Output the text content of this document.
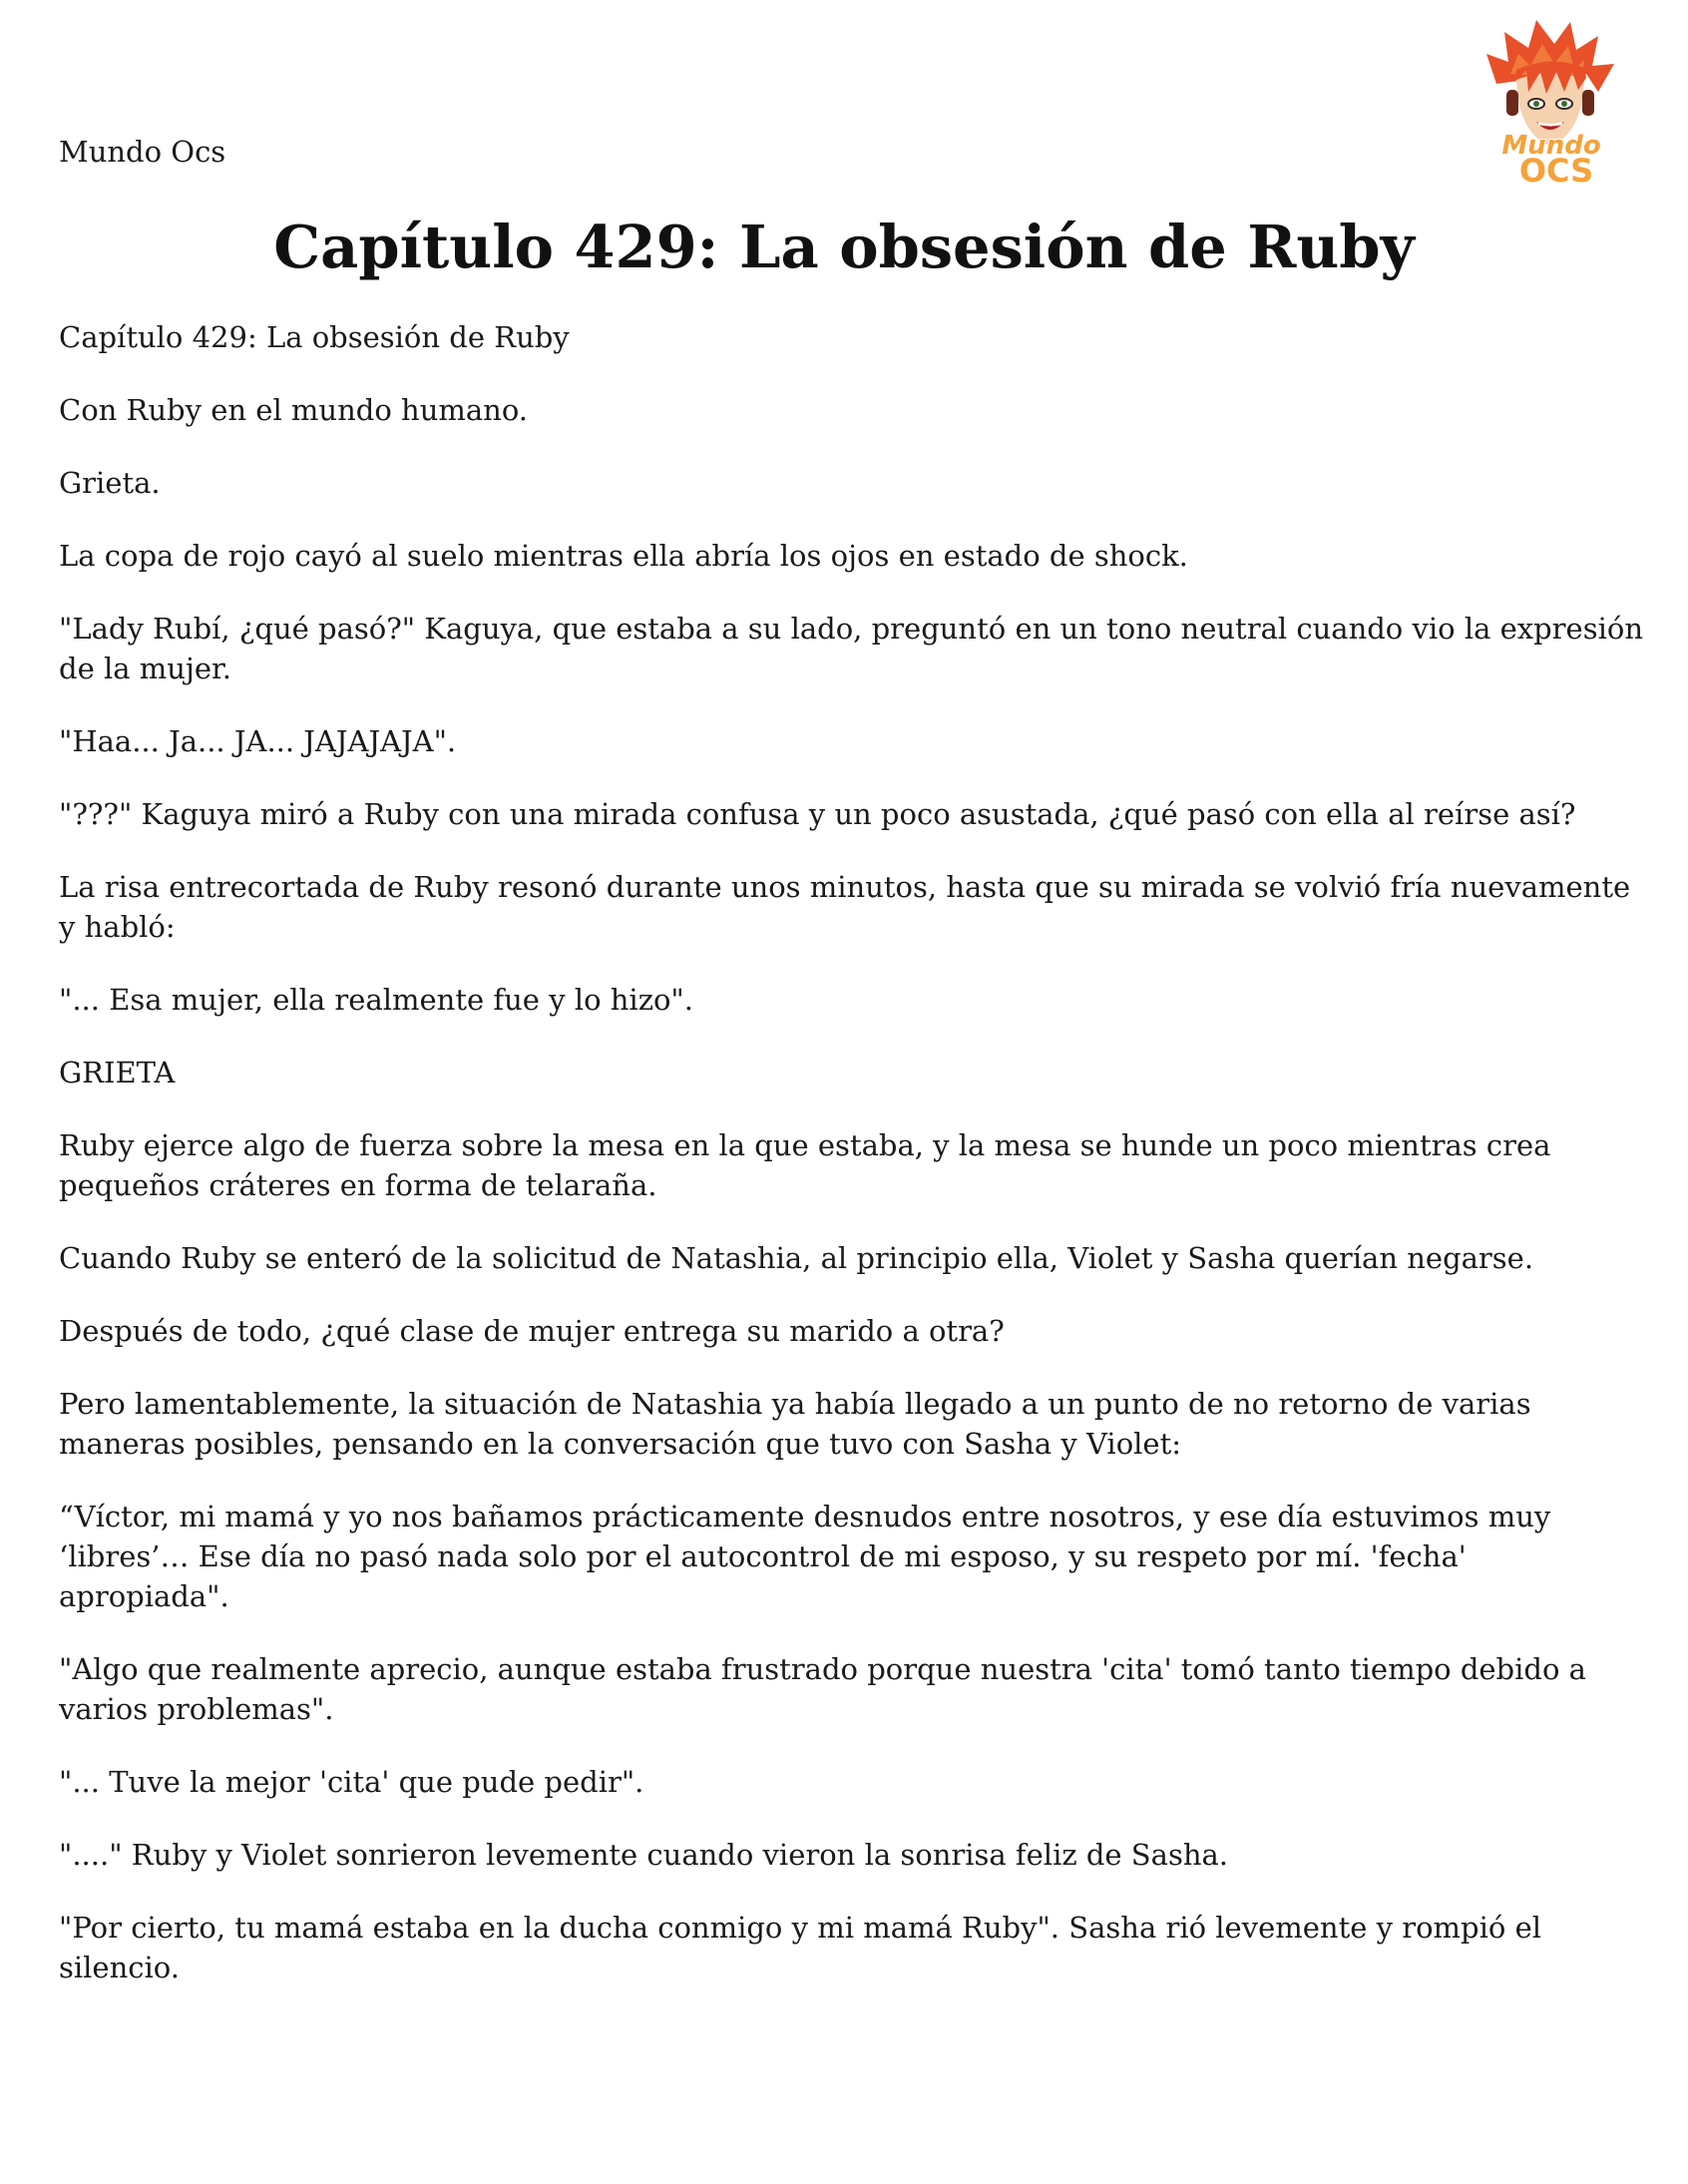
Mundo Ocs	Mundo
OCS
Capítulo 429: La obsesión de Ruby

Capítulo 429: La obsesión de Ruby

Con Ruby en el mundo humano.

Grieta.

La copa de rojo cayó al suelo mientras ella abría los ojos en estado de shock.

"Lady Rubí, ¿qué pasó?" Kaguya, que estaba a su lado, preguntó en un tono neutral cuando vio la expresión de la mujer.

"Haa... Ja... JA... JAJAJAJA".

"???" Kaguya miró a Ruby con una mirada confusa y un poco asustada, ¿qué pasó con ella al reírse así?

La risa entrecortada de Ruby resonó durante unos minutos, hasta que su mirada se volvió fría nuevamente y habló:

"... Esa mujer, ella realmente fue y lo hizo".

GRIETA

Ruby ejerce algo de fuerza sobre la mesa en la que estaba, y la mesa se hunde un poco mientras crea pequeños cráteres en forma de telaraña.

Cuando Ruby se enteró de la solicitud de Natashia, al principio ella, Violet y Sasha querían negarse.

Después de todo, ¿qué clase de mujer entrega su marido a otra?

Pero lamentablemente, la situación de Natashia ya había llegado a un punto de no retorno de varias maneras posibles, pensando en la conversación que tuvo con Sasha y Violet:

“Víctor, mi mamá y yo nos bañamos prácticamente desnudos entre nosotros, y ese día estuvimos muy ‘libres’… Ese día no pasó nada solo por el autocontrol de mi esposo, y su respeto por mí. 'fecha' apropiada".

"Algo que realmente aprecio, aunque estaba frustrado porque nuestra 'cita' tomó tanto tiempo debido a varios problemas".

"... Tuve la mejor 'cita' que pude pedir".

"...." Ruby y Violet sonrieron levemente cuando vieron la sonrisa feliz de Sasha.

"Por cierto, tu mamá estaba en la ducha conmigo y mi mamá Ruby". Sasha rió levemente y rompió el silencio.
